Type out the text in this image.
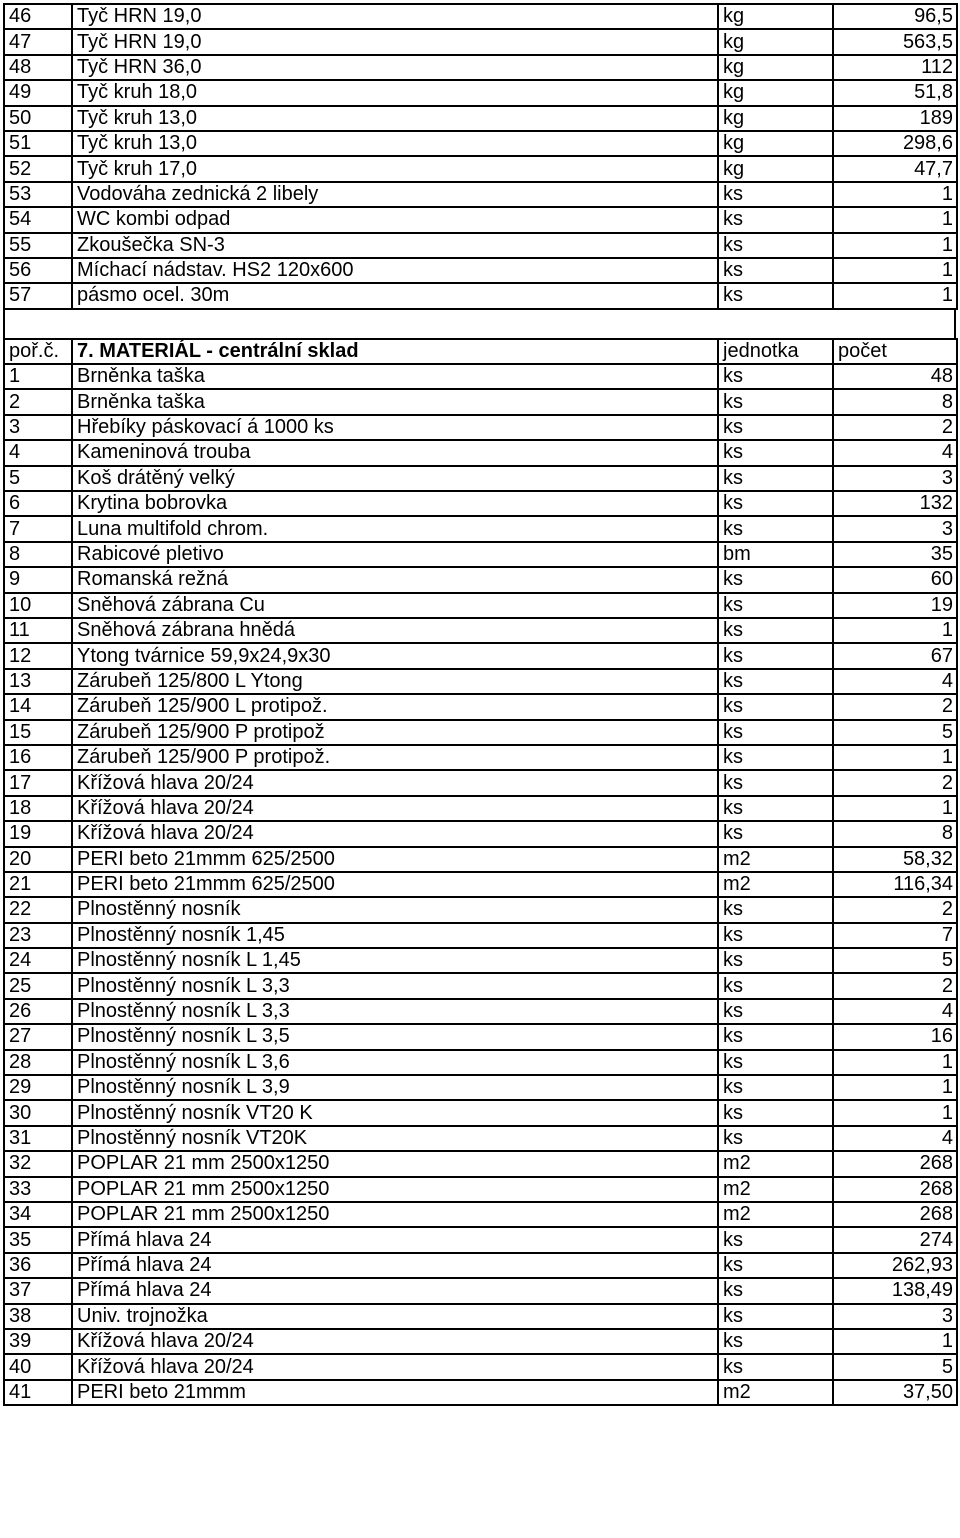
46	Tyč HRN 19,0	kg	96,5
47	Tyč HRN 19,0	kg	563,5
48	Tyč HRN 36,0	kg	112
49	Tyč kruh 18,0	kg	51,8
50	Tyč kruh 13,0	kg	189
51	Tyč kruh 13,0	kg	298,6
52	Tyč kruh 17,0	kg	47,7
53	Vodováha zednická 2 libely	ks	1
54	WC kombi odpad	ks	1
55	Zkoušečka SN-3	ks	1
56	Míchací nádstav. HS2 120x600	ks	1
57	pásmo ocel. 30m	ks	1
poř.č.	7. MATERIÁL - centrální sklad	jednotka	počet
1	Brněnka taška	ks	48
2	Brněnka taška	ks	8
3	Hřebíky páskovací á 1000 ks	ks	2
4	Kameninová trouba	ks	4
5	Koš drátěný velký	ks	3
6	Krytina bobrovka	ks	132
7	Luna multifold chrom.	ks	3
8	Rabicové pletivo	bm	35
9	Romanská režná	ks	60
10	Sněhová zábrana Cu	ks	19
11	Sněhová zábrana hnědá	ks	1
12	Ytong tvárnice 59,9x24,9x30	ks	67
13	Zárubeň 125/800 L Ytong	ks	4
14	Zárubeň 125/900 L protipož.	ks	2
15	Zárubeň 125/900 P protipož	ks	5
16	Zárubeň 125/900 P protipož.	ks	1
17	Křížová hlava 20/24	ks	2
18	Křížová hlava 20/24	ks	1
19	Křížová hlava 20/24	ks	8
20	PERI beto 21mmm 625/2500	m2	58,32
21	PERI beto 21mmm 625/2500	m2	116,34
22	Plnostěnný nosník	ks	2
23	Plnostěnný nosník 1,45	ks	7
24	Plnostěnný nosník L 1,45	ks	5
25	Plnostěnný nosník L 3,3	ks	2
26	Plnostěnný nosník L 3,3	ks	4
27	Plnostěnný nosník L 3,5	ks	16
28	Plnostěnný nosník L 3,6	ks	1
29	Plnostěnný nosník L 3,9	ks	1
30	Plnostěnný nosník VT20 K	ks	1
31	Plnostěnný nosník VT20K	ks	4
32	POPLAR 21 mm 2500x1250	m2	268
33	POPLAR 21 mm 2500x1250	m2	268
34	POPLAR 21 mm 2500x1250	m2	268
35	Přímá hlava 24	ks	274
36	Přímá hlava 24	ks	262,93
37	Přímá hlava 24	ks	138,49
38	Univ. trojnožka	ks	3
39	Křížová hlava 20/24	ks	1
40	Křížová hlava 20/24	ks	5
41	PERI beto 21mmm	m2	37,50
